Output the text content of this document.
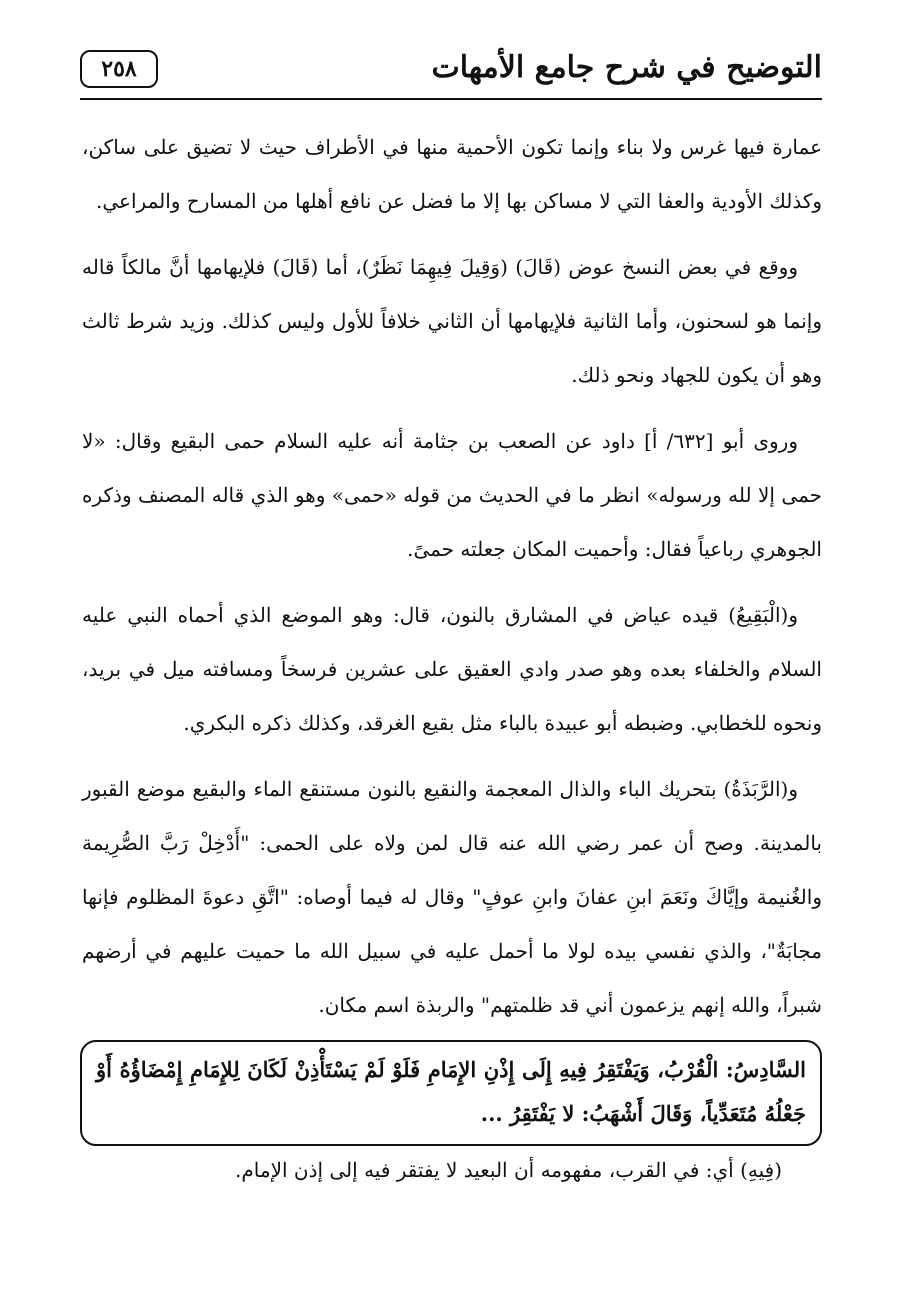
٢٥٨	التوضيح في شرح جامع الأمهات

عمارة فيها غرس ولا بناء وإنما تكون الأحمية منها في الأطراف حيث لا تضيق على ساكن، وكذلك الأودية والعفا التي لا مساكن بها إلا ما فضل عن نافع أهلها من المسارح والمراعي.

ووقع في بعض النسخ عوض (قَالَ) (وَقِيلَ فِيهِمَا نَظَرٌ)، أما (قَالَ) فلإيهامها أنَّ مالكاً قاله وإنما هو لسحنون، وأما الثانية فلإيهامها أن الثاني خلافاً للأول وليس كذلك. وزيد شرط ثالث وهو أن يكون للجهاد ونحو ذلك.

وروى أبو [٦٣٢/ أ] داود عن الصعب بن جثامة أنه عليه السلام حمى البقيع وقال: «لا حمى إلا لله ورسوله» انظر ما في الحديث من قوله «حمى» وهو الذي قاله المصنف وذكره الجوهري رباعياً فقال: وأحميت المكان جعلته حمىً.

و(الْبَقِيعُ) قيده عياض في المشارق بالنون، قال: وهو الموضع الذي أحماه النبي عليه السلام والخلفاء بعده وهو صدر وادي العقيق على عشرين فرسخاً ومسافته ميل في بريد، ونحوه للخطابي. وضبطه أبو عبيدة بالباء مثل بقيع الغرقد، وكذلك ذكره البكري.

و(الرَّبَذَةُ) بتحريك الباء والذال المعجمة والنقيع بالنون مستنقع الماء والبقيع موضع القبور بالمدينة. وصح أن عمر رضي الله عنه قال لمن ولاه على الحمى: "أَدْخِلْ رَبَّ الصُّرِيمة والغُنيمة وإيَّاكَ ونَعَمَ ابنِ عفانَ وابنِ عوفٍ" وقال له فيما أوصاه: "اتَّقِ دعوةَ المظلوم فإنها مجابَةٌ"، والذي نفسي بيده لولا ما أحمل عليه في سبيل الله ما حميت عليهم في أرضهم شبراً، والله إنهم يزعمون أني قد ظلمتهم" والربذة اسم مكان.

السَّادِسُ: الْقُرْبُ، وَيَفْتَقِرُ فِيهِ إِلَى إِذْنِ الإِمَامِ فَلَوْ لَمْ يَسْتَأْذِنْ لَكَانَ لِلإِمَامِ إِمْضَاؤُهُ أَوْ جَعْلُهُ مُتَعَدِّياً، وَقَالَ أَشْهَبُ: لا يَفْتَقِرُ ...
(فِيهِ) أي: في القرب، مفهومه أن البعيد لا يفتقر فيه إلى إذن الإمام.
